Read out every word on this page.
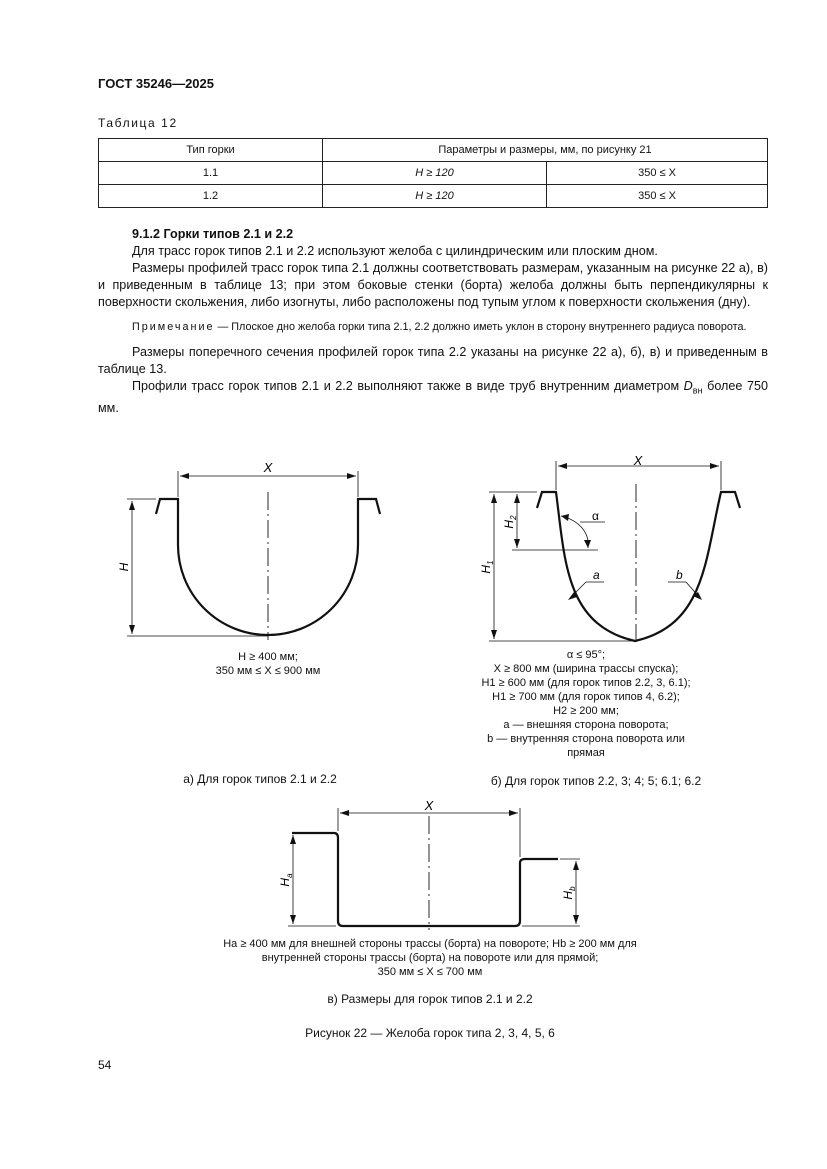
ГОСТ 35246—2025
Таблица 12
Тип горки	Параметры и размеры, мм, по рисунку 21	
1.1	H ≥ 120	350 ≤ X
1.2	H ≥ 120	350 ≤ X

9.1.2 Горки типов 2.1 и 2.2

Для трасс горок типов 2.1 и 2.2 используют желоба с цилиндрическим или плоским дном.

Размеры профилей трасс горок типа 2.1 должны соответствовать размерам, указанным на рисунке 22 а), в) и приведенным в таблице 13; при этом боковые стенки (борта) желоба должны быть перпендикулярны к поверхности скольжения, либо изогнуты, либо расположены под тупым углом к поверхности скольжения (дну).

Примечание — Плоское дно желоба горки типа 2.1, 2.2 должно иметь уклон в сторону внутреннего радиуса поворота.

Размеры поперечного сечения профилей горок типа 2.2 указаны на рисунке 22 а), б), в) и приведенным в таблице 13.

Профили трасс горок типов 2.1 и 2.2 выполняют также в виде труб внутренним диаметром $D_{вн}$ более 750 мм.

X
H
H ≥ 400 мм;
350 мм ≤ X ≤ 900 мм
а) Для горок типов 2.1 и 2.2
X
$H_1$
$H_2$	α
a	b
α ≤ 95°;
X ≥ 800 мм (ширина трассы спуска);
H1 ≥ 600 мм (для горок типов 2.2, 3, 6.1);
H1 ≥ 700 мм (для горок типов 4, 6.2);
H2 ≥ 200 мм;
a — внешняя сторона поворота;
b — внутренняя сторона поворота или
прямая
б) Для горок типов 2.2, 3; 4; 5; 6.1; 6.2
X
$H_a$
$H_b$
Ha ≥ 400 мм для внешней стороны трассы (борта) на повороте; Hb ≥ 200 мм для
внутренней стороны трассы (борта) на повороте или для прямой;
350 мм ≤ X ≤ 700 мм
в) Размеры для горок типов 2.1 и 2.2
Рисунок 22 — Желоба горок типа 2, 3, 4, 5, 6
54
